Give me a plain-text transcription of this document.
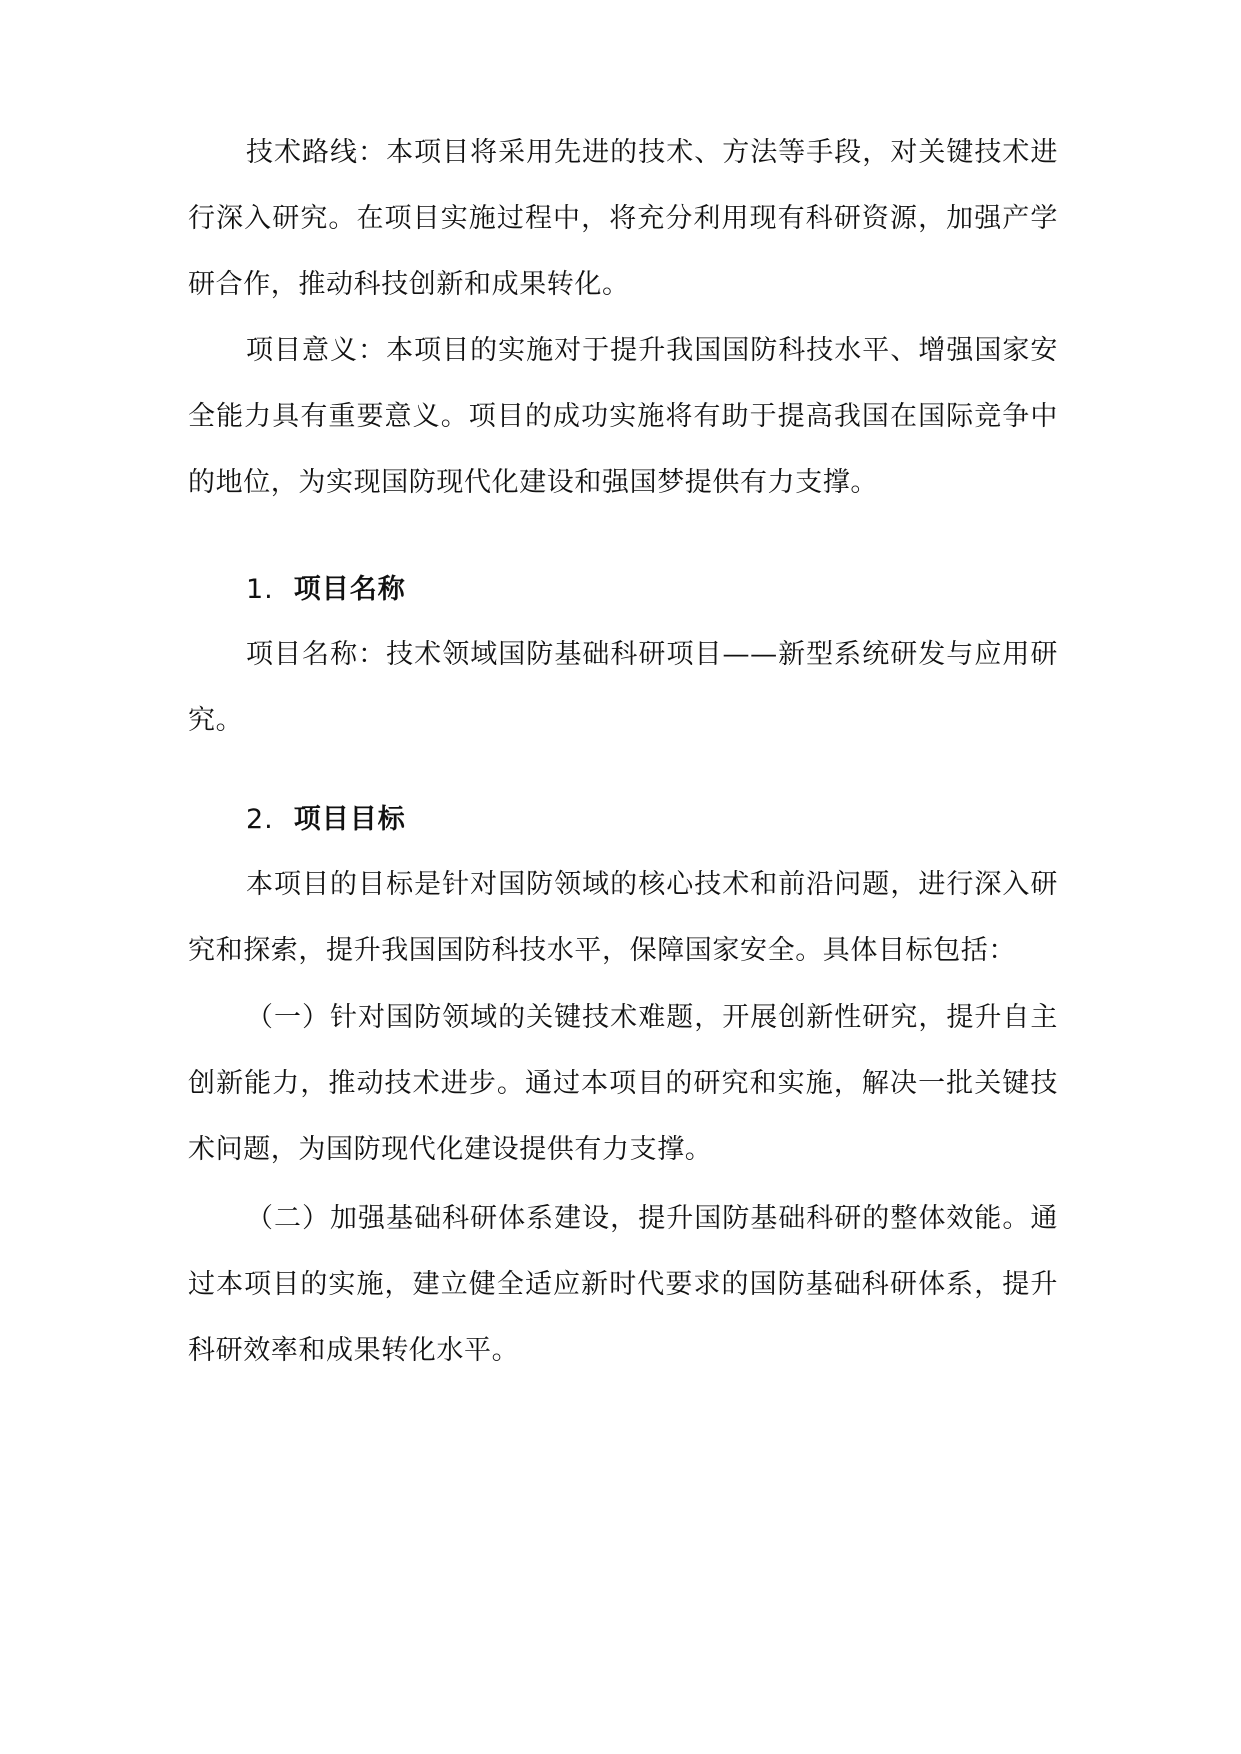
技术路线：本项目将采用先进的技术、方法等手段，对关键技术进行深入研究。在项目实施过程中，将充分利用现有科研资源，加强产学研合作，推动科技创新和成果转化。

项目意义：本项目的实施对于提升我国国防科技水平、增强国家安全能力具有重要意义。项目的成功实施将有助于提高我国在国际竞争中的地位，为实现国防现代化建设和强国梦提供有力支撑。

1. 项目名称

项目名称：技术领域国防基础科研项目——新型系统研发与应用研究。

2. 项目目标

本项目的目标是针对国防领域的核心技术和前沿问题，进行深入研究和探索，提升我国国防科技水平，保障国家安全。具体目标包括：

（一）针对国防领域的关键技术难题，开展创新性研究，提升自主创新能力，推动技术进步。通过本项目的研究和实施，解决一批关键技术问题，为国防现代化建设提供有力支撑。

（二）加强基础科研体系建设，提升国防基础科研的整体效能。通过本项目的实施，建立健全适应新时代要求的国防基础科研体系，提升科研效率和成果转化水平。
